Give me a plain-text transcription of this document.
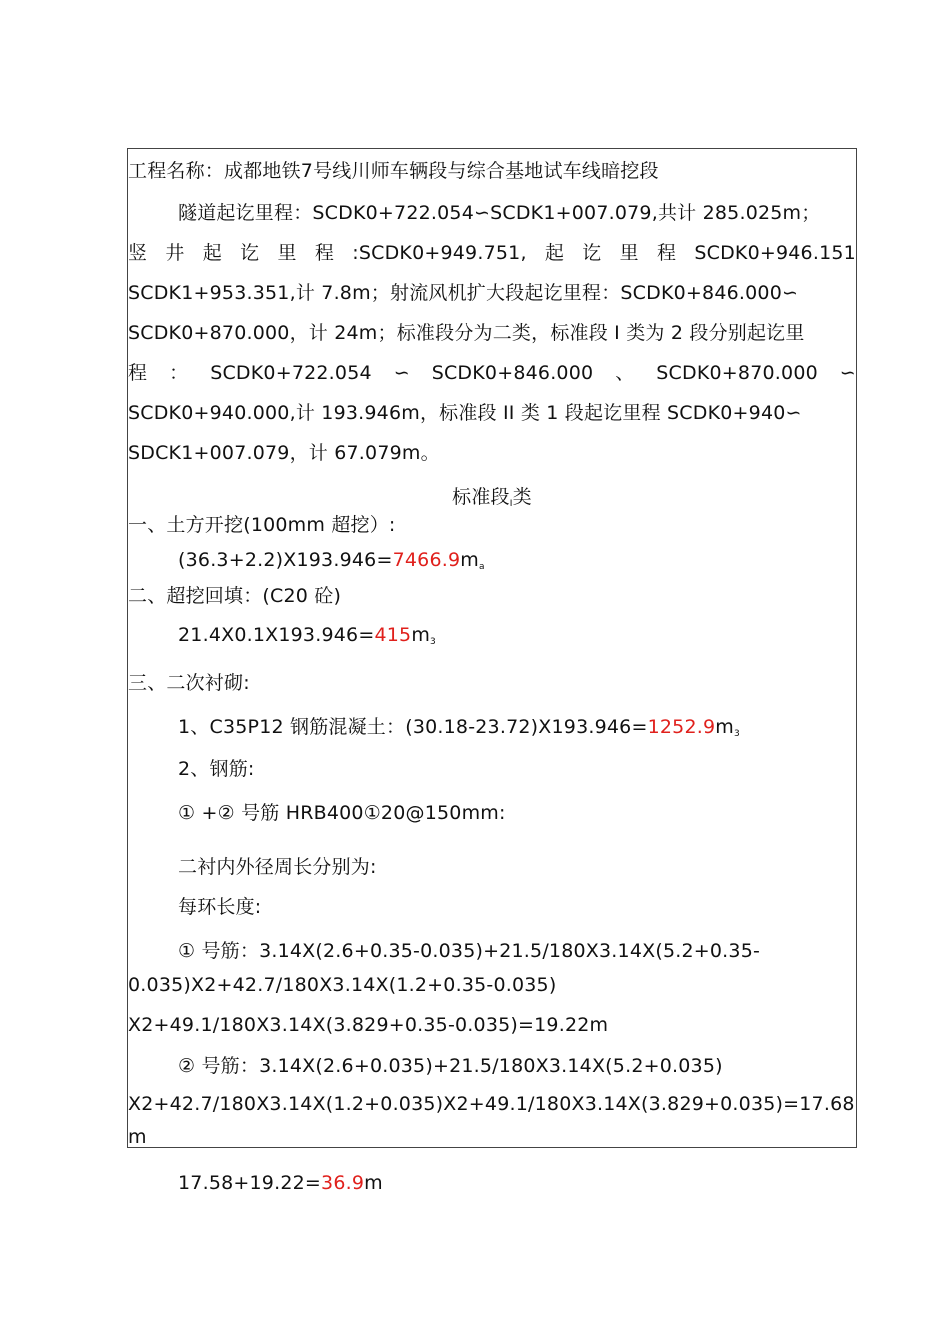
工程名称：成都地铁7号线川师车辆段与综合基地试车线暗挖段
隧道起讫里程：SCDK0+722.054∽SCDK1+007.079,共计 285.025m；
竖 井 起 讫 里 程 :SCDK0+949.751, 起 讫 里 程 SCDK0+946.151
SCDK1+953.351,计 7.8m；射流风机扩大段起讫里程：SCDK0+846.000∽
SCDK0+870.000，计 24m；标准段分为二类，标准段 I 类为 2 段分别起讫里
程 ： SCDK0+722.054 ∽ SCDK0+846.000 、 SCDK0+870.000 ∽
SCDK0+940.000,计 193.946m，标准段 II 类 1 段起讫里程 SCDK0+940∽
SDCK1+007.079，计 67.079m。
标准段$_I$类
一、土方开挖(100mm 超挖）:
$(36.3+2.2)X193.946=7466.9m_a$
二、超挖回填：(C20 砼)
$21.4X0.1X193.946=415m_3$
三、二次衬砌:
1、C35P12 钢筋混凝土：$(30.18-23.72)X193.946=1252.9m_3$
2、钢筋:
① +② 号筋 HRB400①20@150mm:
二衬内外径周长分别为:
每环长度:
① 号筋：3.14X(2.6+0.35-0.035)+21.5/180X3.14X(5.2+0.35-
0.035)X2+42.7/180X3.14X(1.2+0.35-0.035)
X2+49.1/180X3.14X(3.829+0.35-0.035)=19.22m
② 号筋：3.14X(2.6+0.035)+21.5/180X3.14X(5.2+0.035)
X2+42.7/180X3.14X(1.2+0.035)X2+49.1/180X3.14X(3.829+0.035)=17.68
m
17.58+19.22=36.9m
